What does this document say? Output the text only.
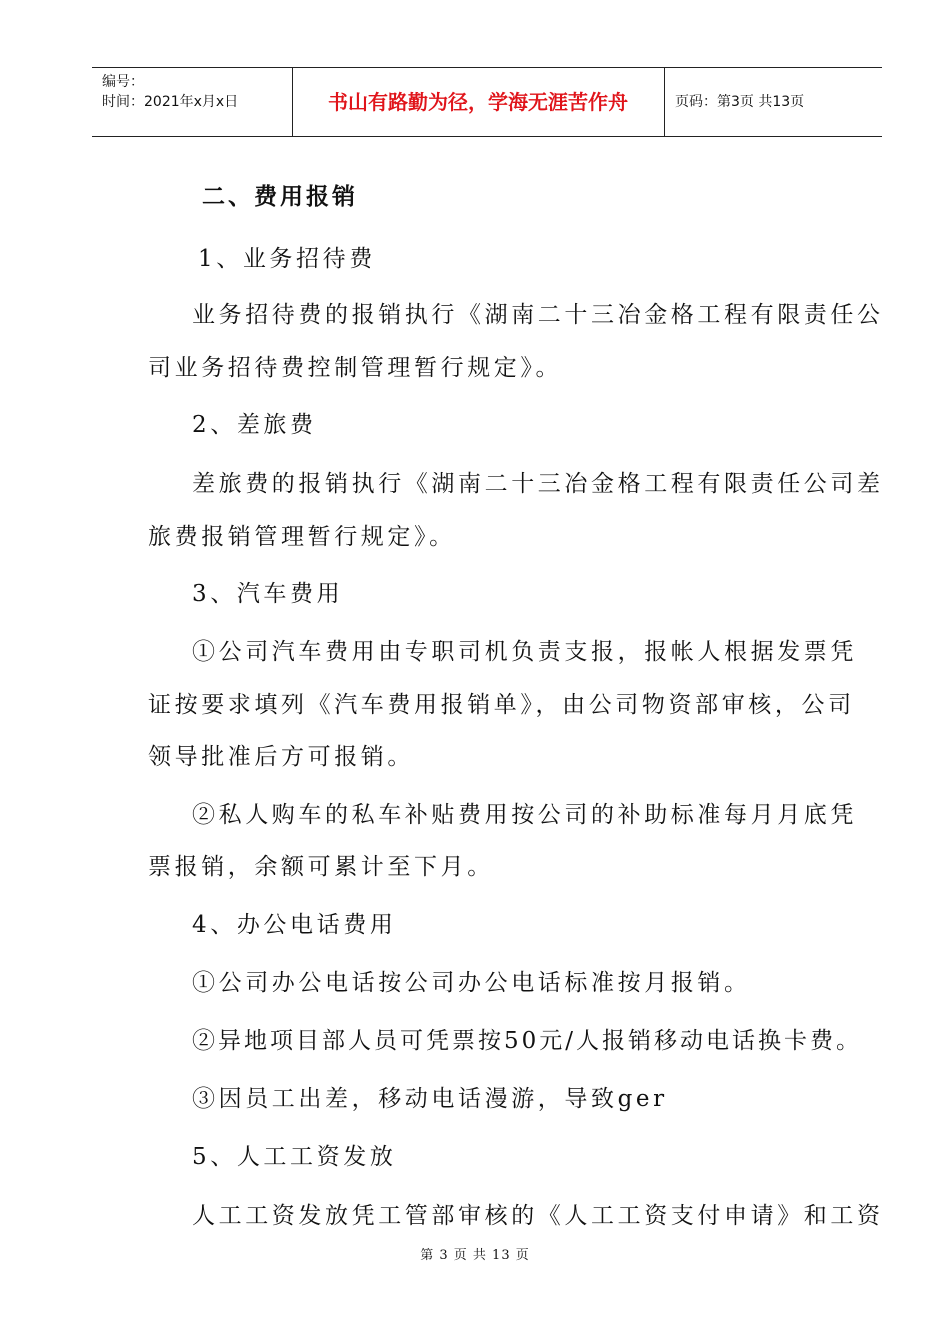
编号：
时间：2021年x月x日	书山有路勤为径，学海无涯苦作舟	页码：第3页 共13页
二、费用报销
1、业务招待费
业务招待费的报销执行《湖南二十三冶金格工程有限责任公
司业务招待费控制管理暂行规定》。
2、差旅费
差旅费的报销执行《湖南二十三冶金格工程有限责任公司差
旅费报销管理暂行规定》。
3、汽车费用
①公司汽车费用由专职司机负责支报，报帐人根据发票凭
证按要求填列《汽车费用报销单》，由公司物资部审核，公司
领导批准后方可报销。
②私人购车的私车补贴费用按公司的补助标准每月月底凭
票报销，余额可累计至下月。
4、办公电话费用
①公司办公电话按公司办公电话标准按月报销。
②异地项目部人员可凭票按50元/人报销移动电话换卡费。
③因员工出差，移动电话漫游，导致ger
5、人工工资发放
人工工资发放凭工管部审核的《人工工资支付申请》和工资
第 3 页 共 13 页
